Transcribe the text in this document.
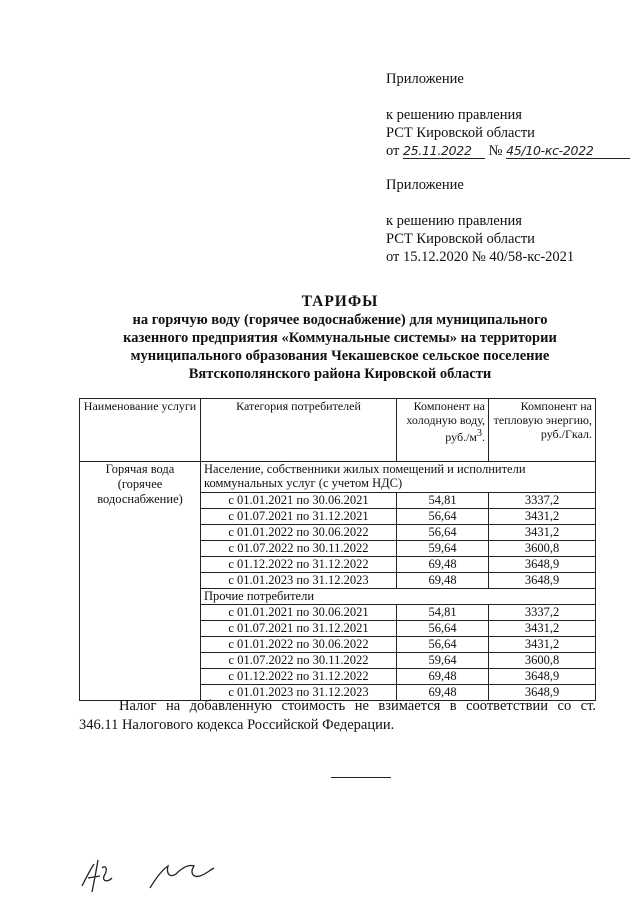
Приложение
к решению правления
РСТ Кировской области
от 25.11.2022 № 45/10-кс-2022
Приложение
к решению правления
РСТ Кировской области
от 15.12.2020 № 40/58-кс-2021
ТАРИФЫ
на горячую воду (горячее водоснабжение) для муниципального
казенного предприятия «Коммунальные системы» на территории
муниципального образования Чекашевское сельское поселение
Вятскополянского района Кировской области
Наименование услуги	Категория потребителей	Компонент на холодную воду, $руб./м^3$.	Компонент на тепловую энергию, руб./Гкал.
Горячая вода (горячее водоснабжение)	Население, собственники жилых помещений и исполнители коммунальных услуг (с учетом НДС)		
	с 01.01.2021 по 30.06.2021	54,81	3337,2
	с 01.07.2021 по 31.12.2021	56,64	3431,2
	с 01.01.2022 по 30.06.2022	56,64	3431,2
	с 01.07.2022 по 30.11.2022	59,64	3600,8
	с 01.12.2022 по 31.12.2022	69,48	3648,9
	с 01.01.2023 по 31.12.2023	69,48	3648,9
	Прочие потребители		
	с 01.01.2021 по 30.06.2021	54,81	3337,2
	с 01.07.2021 по 31.12.2021	56,64	3431,2
	с 01.01.2022 по 30.06.2022	56,64	3431,2
	с 01.07.2022 по 30.11.2022	59,64	3600,8
	с 01.12.2022 по 31.12.2022	69,48	3648,9
	с 01.01.2023 по 31.12.2023	69,48	3648,9
Налог на добавленную стоимость не взимается в соответствии со ст.
346.11 Налогового кодекса Российской Федерации.
